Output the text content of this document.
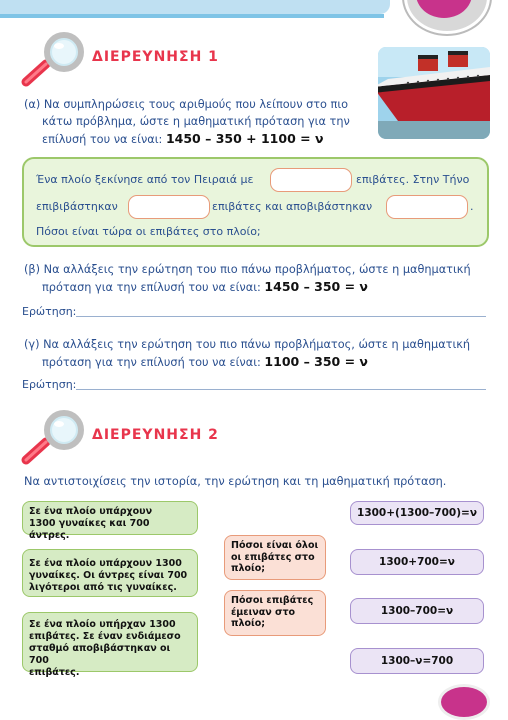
ΔΙΕΡΕΥΝΗΣΗ 1
(α) Να συμπληρώσεις τους αριθμούς που λείπουν στο πιο
κάτω πρόβλημα, ώστε η μαθηματική πρόταση για την
επίλυσή του να είναι: 1450 – 350 + 1100 = ν
Ένα πλοίο ξεκίνησε από τον Πειραιά με	επιβάτες. Στην Τήνο
επιβιβάστηκαν	επιβάτες και αποβιβάστηκαν	.
Πόσοι είναι τώρα οι επιβάτες στο πλοίο;
(β) Να αλλάξεις την ερώτηση του πιο πάνω προβλήματος, ώστε η μαθηματική
πρόταση για την επίλυσή του να είναι: 1450 – 350 = ν
Ερώτηση:
(γ) Να αλλάξεις την ερώτηση του πιο πάνω προβλήματος, ώστε η μαθηματική
πρόταση για την επίλυσή του να είναι: 1100 – 350 = ν
Ερώτηση:
ΔΙΕΡΕΥΝΗΣΗ 2
Να αντιστοιχίσεις την ιστορία, την ερώτηση και τη μαθηματική πρόταση.
Σε ένα πλοίο υπάρχουν
1300 γυναίκες και 700 άντρες.
Σε ένα πλοίο υπάρχουν 1300
γυναίκες. Οι άντρες είναι 700
λιγότεροι από τις γυναίκες.
Σε ένα πλοίο υπήρχαν 1300
επιβάτες. Σε έναν ενδιάμεσο
σταθμό αποβιβάστηκαν οι 700
επιβάτες.
Πόσοι είναι όλοι
οι επιβάτες στο
πλοίο;
Πόσοι επιβάτες
έμειναν στο
πλοίο;
1300+(1300–700)=ν
1300+700=ν
1300–700=ν
1300–ν=700
